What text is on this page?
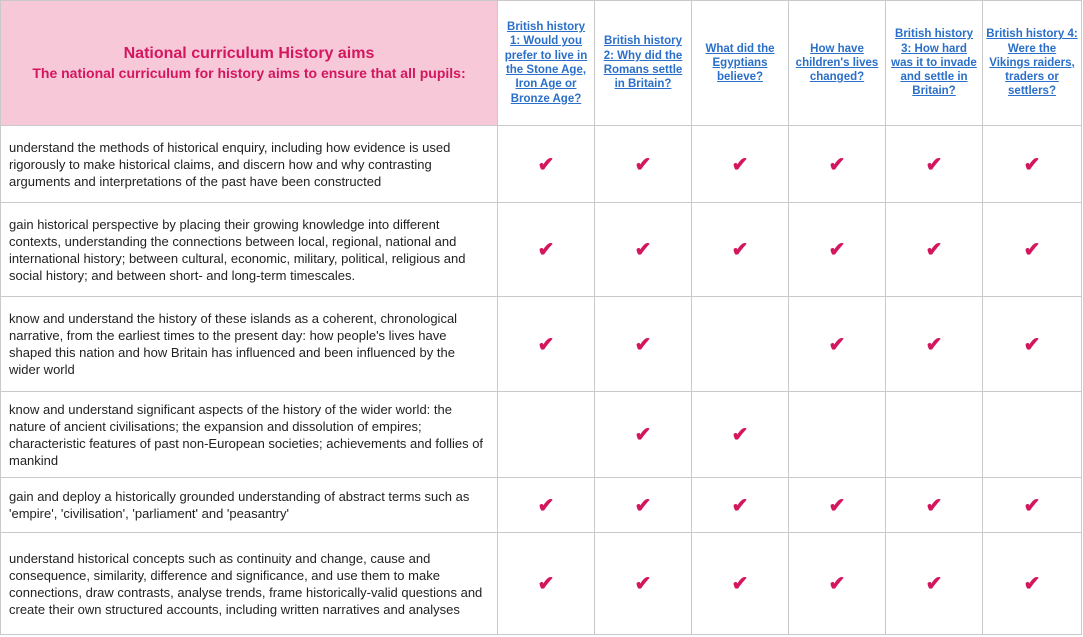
National curriculum History aims
The national curriculum for history aims to ensure that all pupils:	British history 1: Would you prefer to live in the Stone Age, Iron Age or Bronze Age?	British history 2: Why did the Romans settle in Britain?	What did the Egyptians believe?	How have children's lives changed?	British history 3: How hard was it to invade and settle in Britain?	British history 4: Were the Vikings raiders, traders or settlers?
understand the methods of historical enquiry, including how evidence is used rigorously to make historical claims, and discern how and why contrasting arguments and interpretations of the past have been constructed	✔	✔	✔	✔	✔	✔
gain historical perspective by placing their growing knowledge into different contexts, understanding the connections between local, regional, national and international history; between cultural, economic, military, political, religious and social history; and between short- and long-term timescales.	✔	✔	✔	✔	✔	✔
know and understand the history of these islands as a coherent, chronological narrative, from the earliest times to the present day: how people's lives have shaped this nation and how Britain has influenced and been influenced by the wider world	✔	✔		✔	✔	✔
know and understand significant aspects of the history of the wider world: the nature of ancient civilisations; the expansion and dissolution of empires; characteristic features of past non-European societies; achievements and follies of mankind		✔	✔			
gain and deploy a historically grounded understanding of abstract terms such as 'empire', 'civilisation', 'parliament' and 'peasantry'	✔	✔	✔	✔	✔	✔
understand historical concepts such as continuity and change, cause and consequence, similarity, difference and significance, and use them to make connections, draw contrasts, analyse trends, frame historically-valid questions and create their own structured accounts, including written narratives and analyses	✔	✔	✔	✔	✔	✔
